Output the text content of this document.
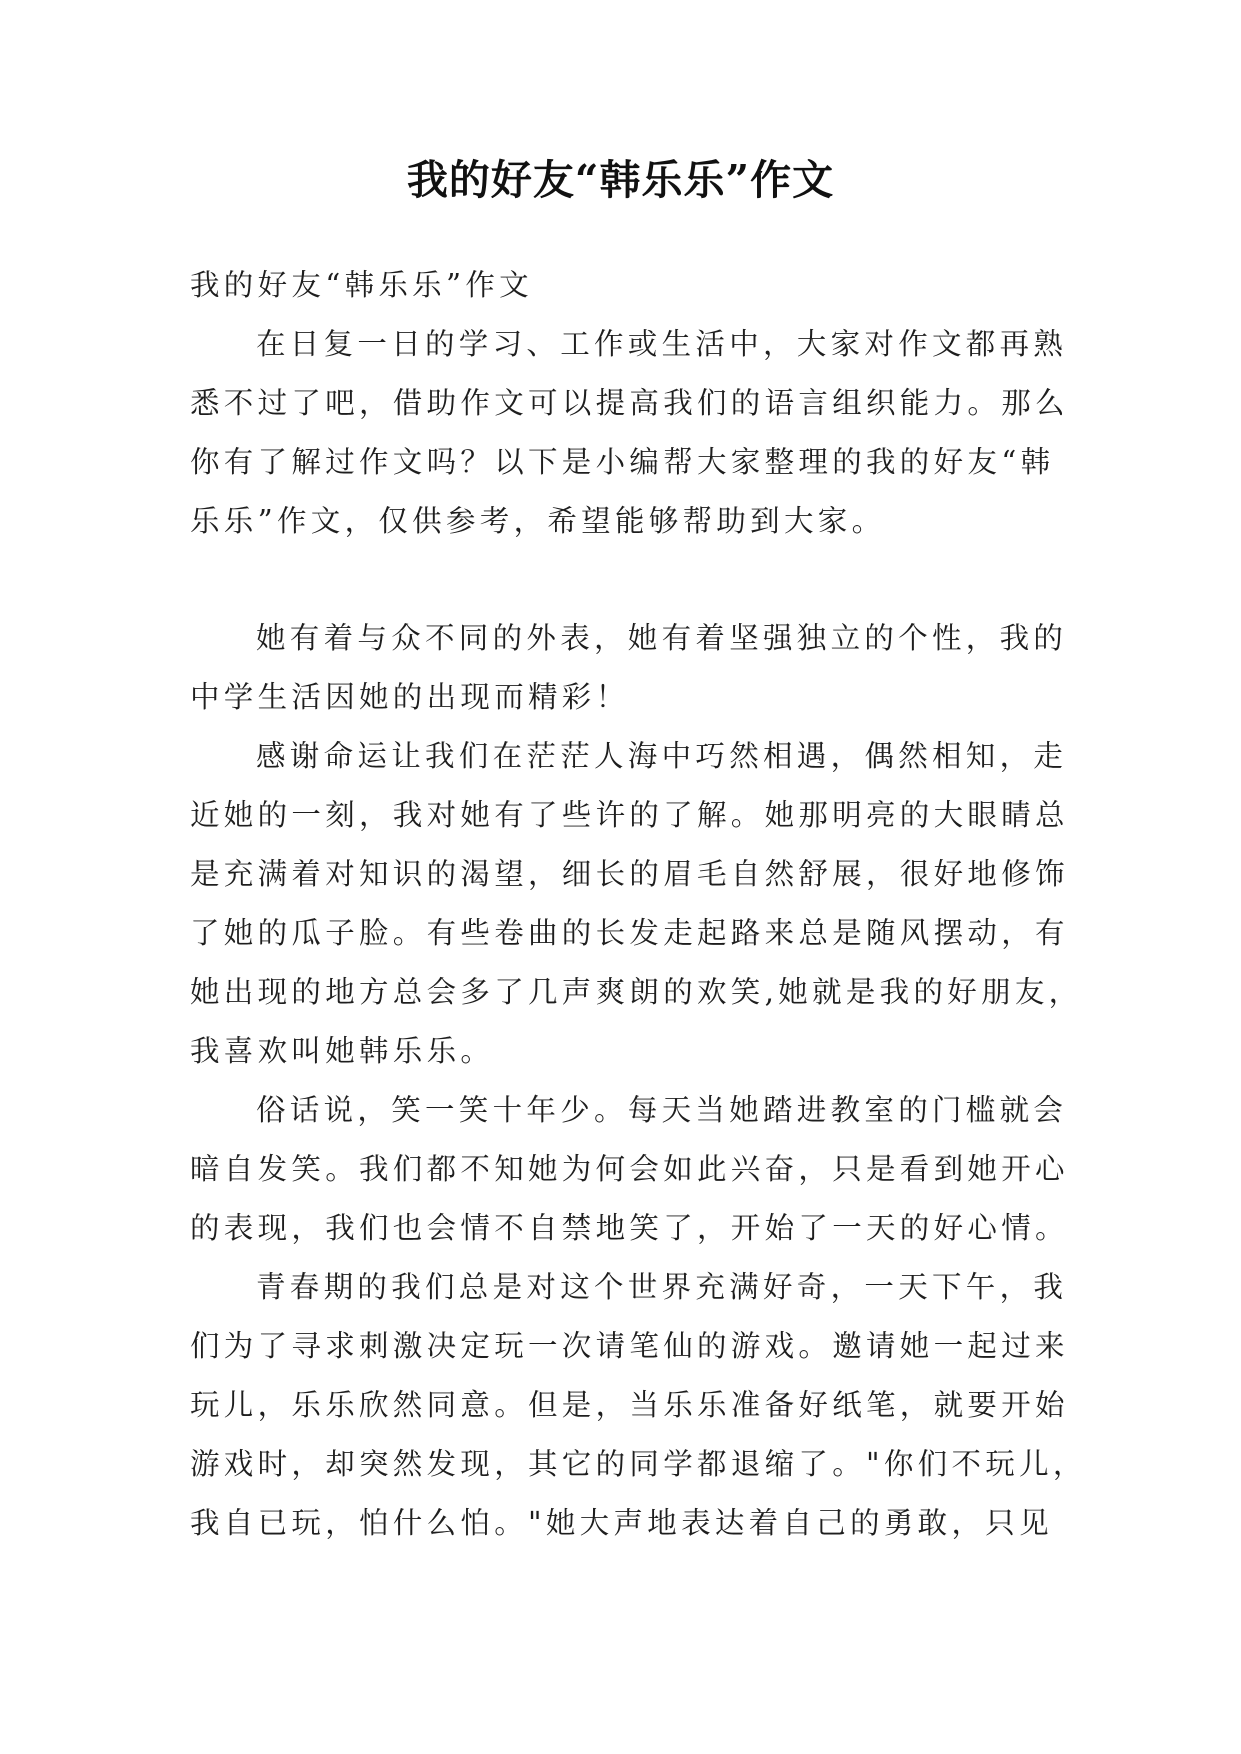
我的好友“韩乐乐”作文
我的好友“韩乐乐”作文
在日复一日的学习、工作或生活中，大家对作文都再熟
悉不过了吧，借助作文可以提高我们的语言组织能力。那么
你有了解过作文吗？以下是小编帮大家整理的我的好友“韩
乐乐”作文，仅供参考，希望能够帮助到大家。
她有着与众不同的外表，她有着坚强独立的个性，我的
中学生活因她的出现而精彩！
感谢命运让我们在茫茫人海中巧然相遇，偶然相知，走
近她的一刻，我对她有了些许的了解。她那明亮的大眼睛总
是充满着对知识的渴望，细长的眉毛自然舒展，很好地修饰
了她的瓜子脸。有些卷曲的长发走起路来总是随风摆动，有
她出现的地方总会多了几声爽朗的欢笑,她就是我的好朋友，
我喜欢叫她韩乐乐。
俗话说，笑一笑十年少。每天当她踏进教室的门槛就会
暗自发笑。我们都不知她为何会如此兴奋，只是看到她开心
的表现，我们也会情不自禁地笑了，开始了一天的好心情。
青春期的我们总是对这个世界充满好奇，一天下午，我
们为了寻求刺激决定玩一次请笔仙的游戏。邀请她一起过来
玩儿，乐乐欣然同意。但是，当乐乐准备好纸笔，就要开始
游戏时，却突然发现，其它的同学都退缩了。"你们不玩儿，
我自已玩，怕什么怕。"她大声地表达着自己的勇敢，只见
